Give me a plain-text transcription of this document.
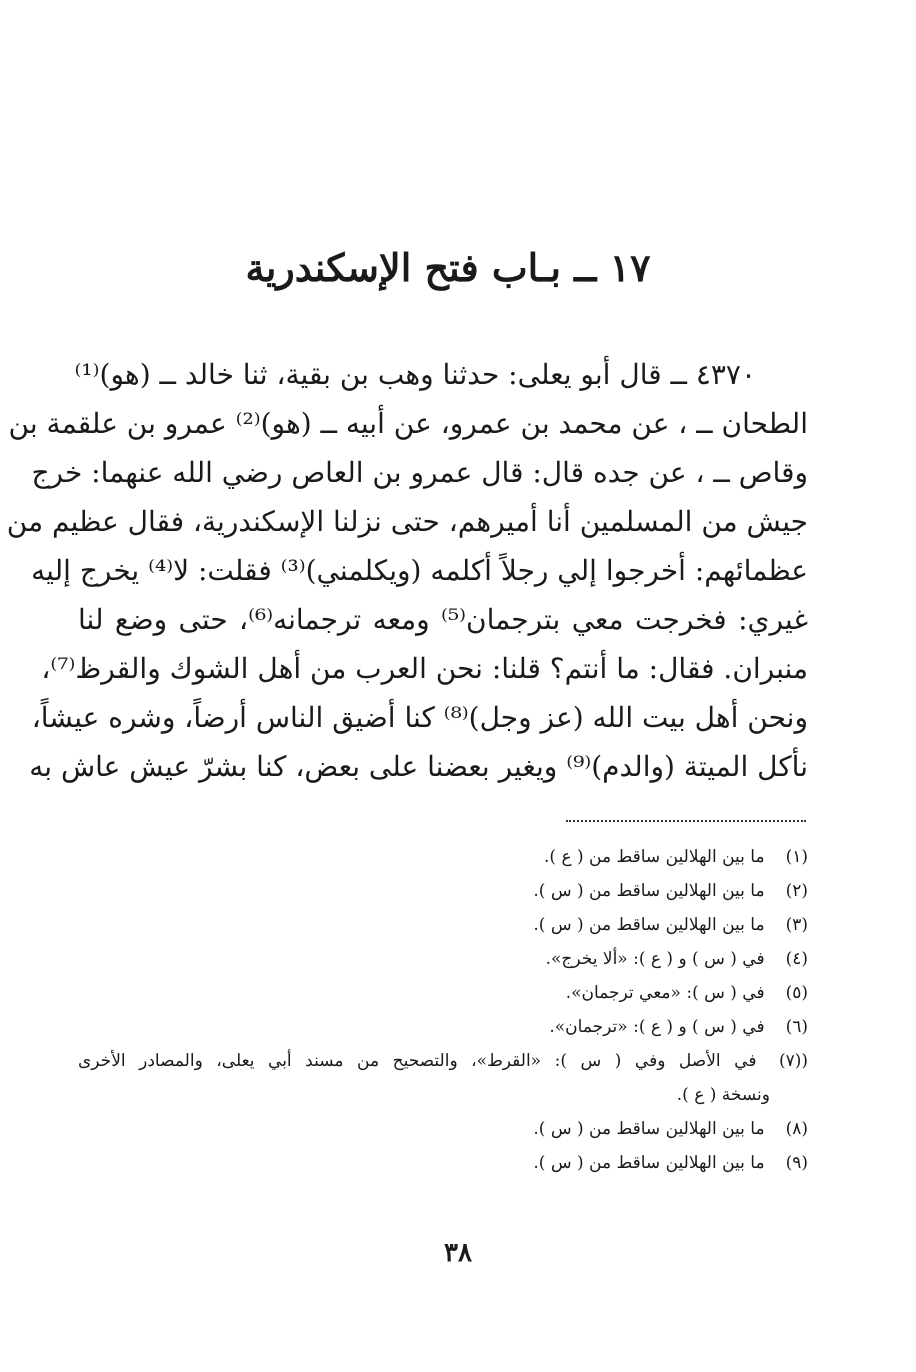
١٧ ــ بـاب فتح الإسكندرية
٤٣٧٠ ــ قال أبو يعلى: حدثنا وهب بن بقية، ثنا خالد ــ (هو)⁽¹⁾
الطحان ــ ، عن محمد بن عمرو، عن أبيه ــ (هو)⁽²⁾ عمرو بن علقمة بن
وقاص ــ ، عن جده قال: قال عمرو بن العاص رضي الله عنهما: خرج
جيش من المسلمين أنا أميرهم، حتى نزلنا الإسكندرية، فقال عظيم من
عظمائهم: أخرجوا إلي رجلاً أكلمه (ويكلمني)⁽³⁾ فقلت: لا⁽⁴⁾ يخرج إليه
غيري: فخرجت معي بترجمان⁽⁵⁾ ومعه ترجمانه⁽⁶⁾، حتى وضع لنا
منبران. فقال: ما أنتم؟ قلنا: نحن العرب من أهل الشوك والقرظ⁽⁷⁾،
ونحن أهل بيت الله (عز وجل)⁽⁸⁾ كنا أضيق الناس أرضاً، وشره عيشاً،
نأكل الميتة (والدم)⁽⁹⁾ ويغير بعضنا على بعض، كنا بشرّ عيش عاش به
(١) ما بين الهلالين ساقط من ( ع ).
(٢) ما بين الهلالين ساقط من ( س ).
(٣) ما بين الهلالين ساقط من ( س ).
(٤) في ( س ) و ( ع ): «ألا يخرج».
(٥) في ( س ): «معي ترجمان».
(٦) في ( س ) و ( ع ): «ترجمان».
((٧) في الأصل وفي ( س ): «القرط»، والتصحيح من مسند أبي يعلى، والمصادر الأخرى
ونسخة ( ع ).
(٨) ما بين الهلالين ساقط من ( س ).
(٩) ما بين الهلالين ساقط من ( س ).
٣٨
